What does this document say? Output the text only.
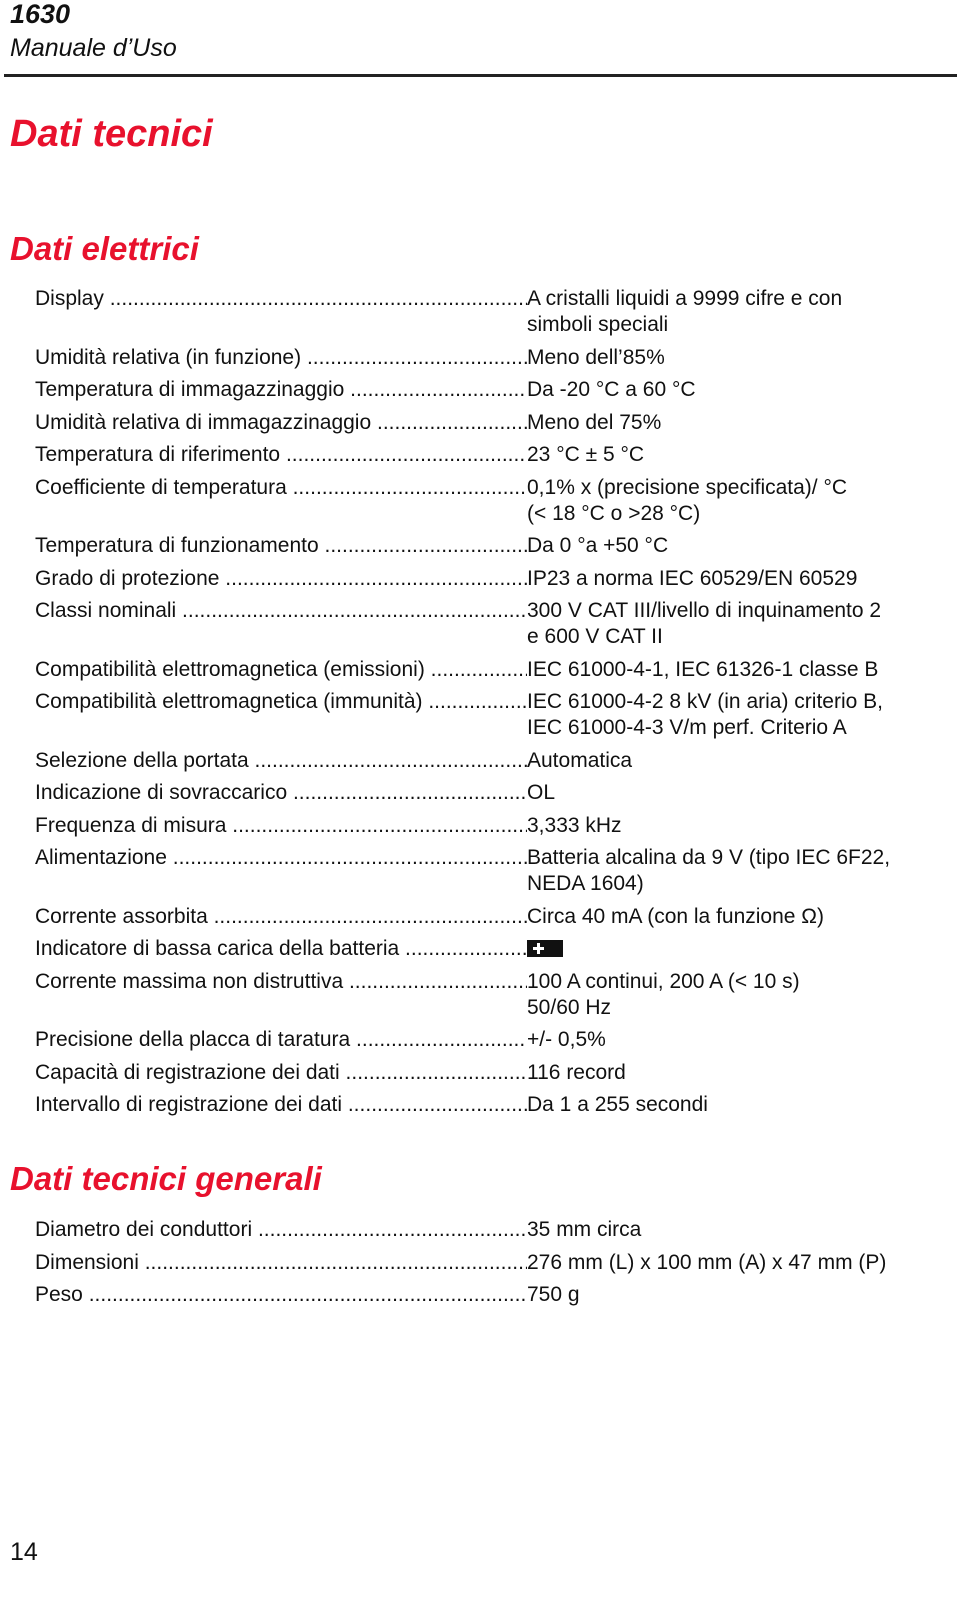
1630
Manuale d’Uso
Dati tecnici
Dati elettrici
Display .....	A cristalli liquidi a 9999 cifre e con
simboli speciali
Umidità relativa (in funzione) .....	Meno dell’85%
Temperatura di immagazzinaggio .....	Da -20 °C a 60 °C
Umidità relativa di immagazzinaggio .....	Meno del 75%
Temperatura di riferimento .....	23 °C ± 5 °C
Coefficiente di temperatura .....	0,1% x (precisione specificata)/ °C
(< 18 °C o >28 °C)
Temperatura di funzionamento .....	Da 0 °a +50 °C
Grado di protezione .....	IP23 a norma IEC 60529/EN 60529
Classi nominali .....	300 V CAT III/livello di inquinamento 2
e 600 V CAT II
Compatibilità elettromagnetica (emissioni) .....	IEC 61000-4-1, IEC 61326-1 classe B
Compatibilità elettromagnetica (immunità) .....	IEC 61000-4-2 8 kV (in aria) criterio B,
IEC 61000-4-3 V/m perf. Criterio A
Selezione della portata .....	Automatica
Indicazione di sovraccarico .....	OL
Frequenza di misura .....	3,333 kHz
Alimentazione .....	Batteria alcalina da 9 V (tipo IEC 6F22,
NEDA 1604)
Corrente assorbita .....	Circa 40 mA (con la funzione Ω)
Indicatore di bassa carica della batteria .....
Corrente massima non distruttiva .....	100 A continui, 200 A (< 10 s)
50/60 Hz
Precisione della placca di taratura .....	+/- 0,5%
Capacità di registrazione dei dati .....	116 record
Intervallo di registrazione dei dati .....	Da 1 a 255 secondi
Dati tecnici generali
Diametro dei conduttori .....	35 mm circa
Dimensioni .....	276 mm (L) x 100 mm (A) x 47 mm (P)
Peso .....	750 g
14
